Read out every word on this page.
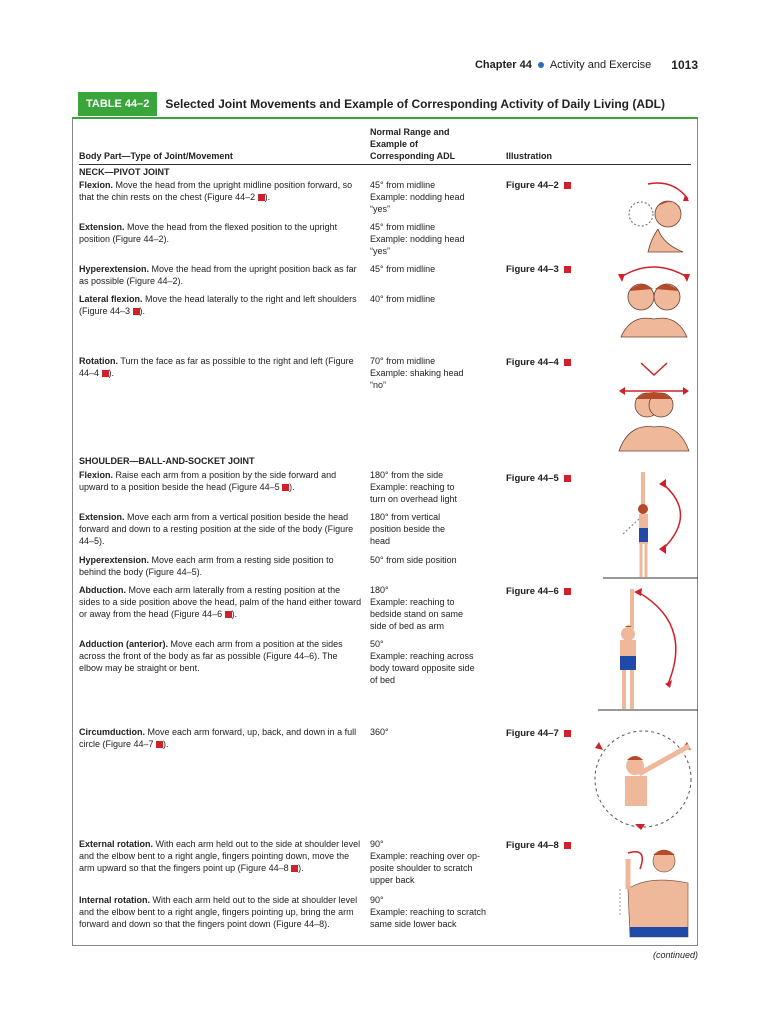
Chapter 44 Activity and Exercise 1013
TABLE 44–2	Selected Joint Movements and Example of Corresponding Activity of Daily Living (ADL)
Body Part—Type of Joint/Movement
Normal Range and Example of Corresponding ADL	Illustration
NECK—PIVOT JOINT
Flexion. Move the head from the upright midline position forward, so that the chin rests on the chest (Figure 44–2 ).
45° from midline
Example: nodding head
“yes”
Extension. Move the head from the flexed position to the upright position (Figure 44–2).
45° from midline
Example: nodding head
“yes”
Hyperextension. Move the head from the upright position back as far as possible (Figure 44–2).
45° from midline
Lateral flexion. Move the head laterally to the right and left shoulders (Figure 44–3 ).
40° from midline
Rotation. Turn the face as far as possible to the right and left (Figure 44–4 ).
70° from midline
Example: shaking head
“no”
SHOULDER—BALL-AND-SOCKET JOINT
Flexion. Raise each arm from a position by the side forward and upward to a position beside the head (Figure 44–5 ).
180° from the side
Example: reaching to
turn on overhead light
Extension. Move each arm from a vertical position beside the head forward and down to a resting position at the side of the body (Figure 44–5).
180° from vertical
position beside the
head
Hyperextension. Move each arm from a resting side position to behind the body (Figure 44–5).
50° from side position
Abduction. Move each arm laterally from a resting position at the sides to a side position above the head, palm of the hand either toward or away from the head (Figure 44–6 ).
180°
Example: reaching to
bedside stand on same
side of bed as arm
Adduction (anterior). Move each arm from a position at the sides across the front of the body as far as possible (Figure 44–6). The elbow may be straight or bent.
50°
Example: reaching across
body toward opposite side
of bed
Circumduction. Move each arm forward, up, back, and down in a full circle (Figure 44–7 ).
360°
External rotation. With each arm held out to the side at shoulder level and the elbow bent to a right angle, fingers pointing down, move the arm upward so that the fingers point up (Figure 44–8 ).
90°
Example: reaching over op-
posite shoulder to scratch
upper back
Internal rotation. With each arm held out to the side at shoulder level and the elbow bent to a right angle, fingers pointing up, bring the arm forward and down so that the fingers point down (Figure 44–8).
90°
Example: reaching to scratch
same side lower back
Figure 44–2
Figure 44–3
Figure 44–4
Figure 44–5
Figure 44–6
Figure 44–7
Figure 44–8
(continued)
